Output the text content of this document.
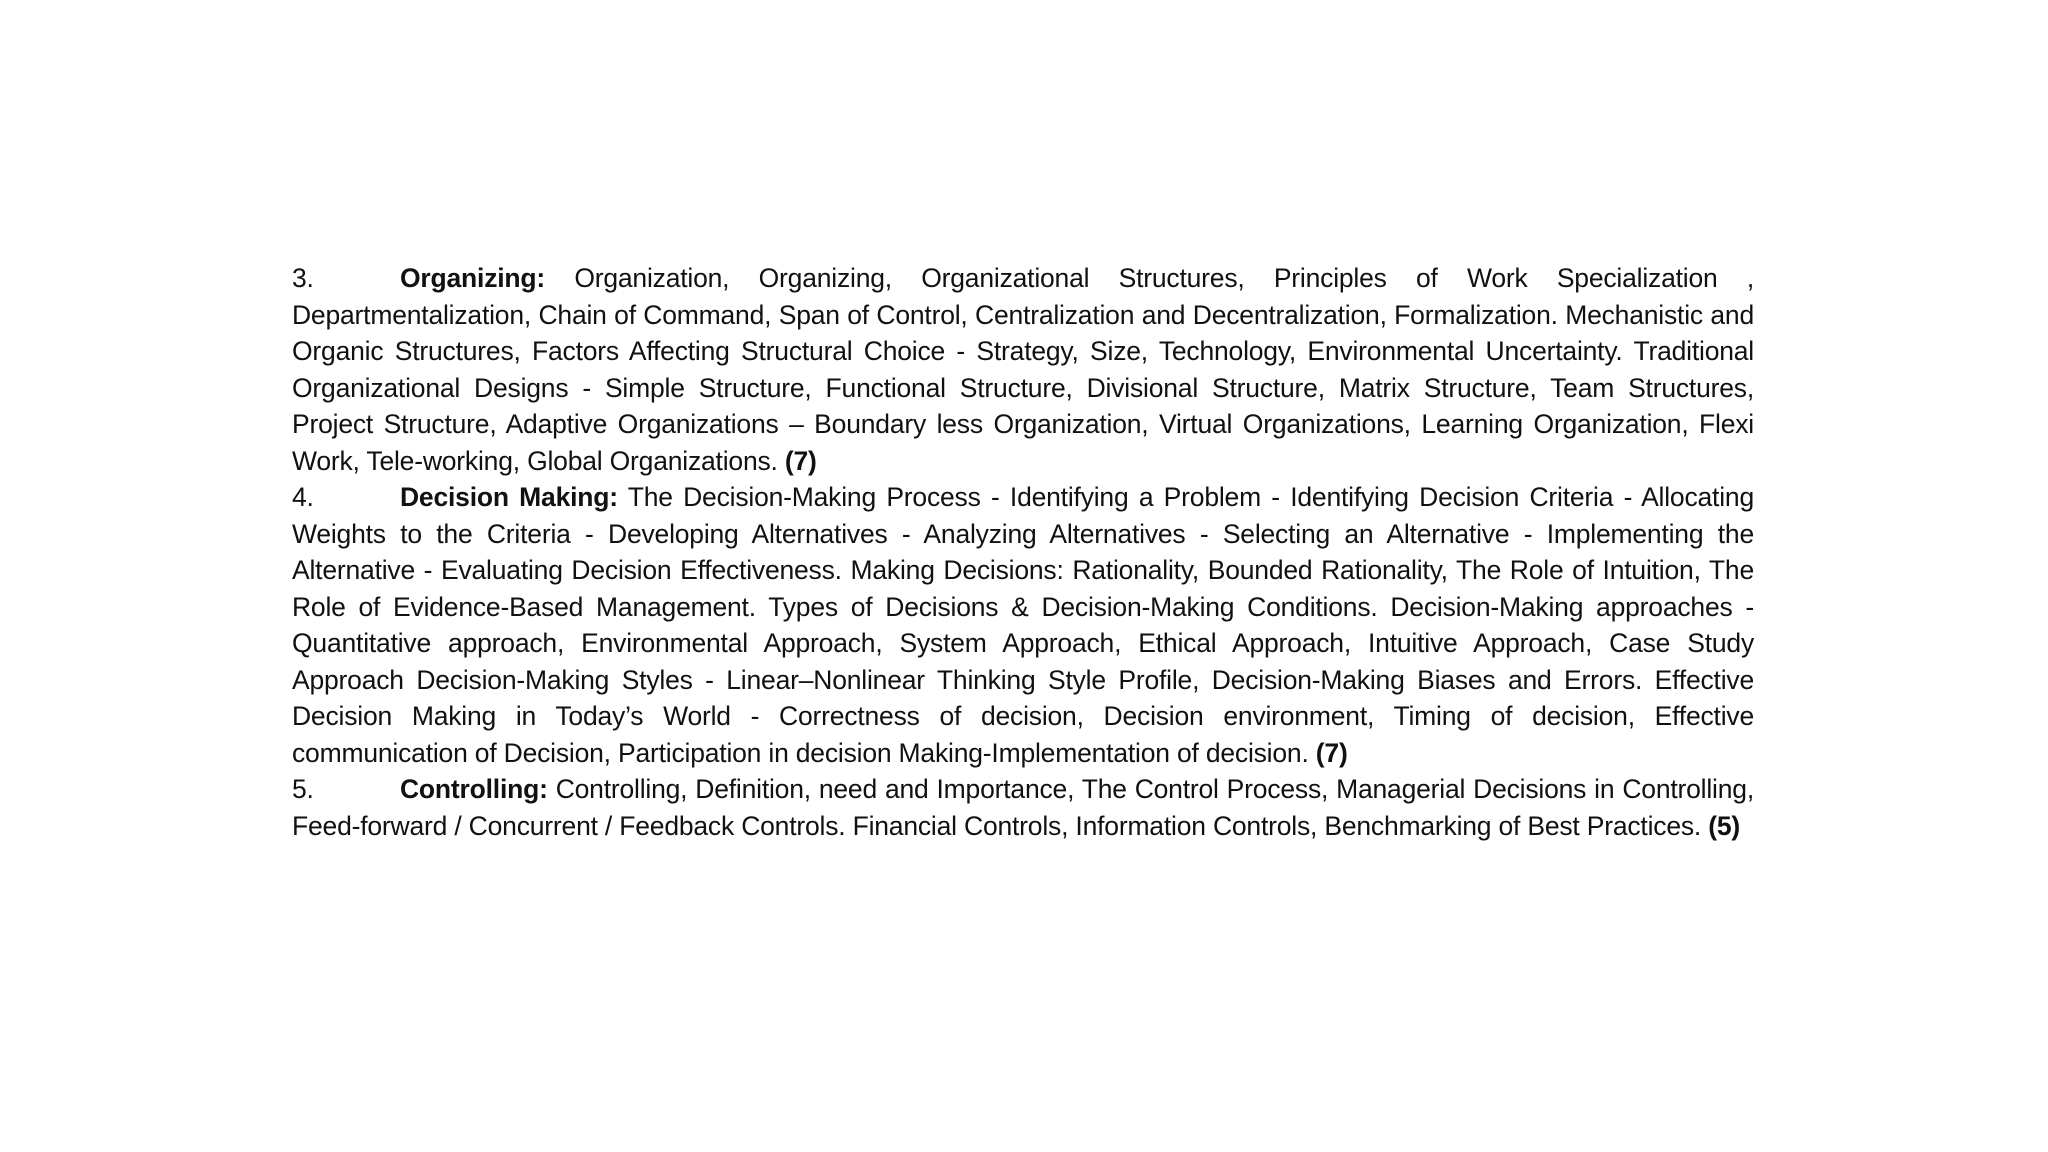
3.	Organizing: Organization, Organizing, Organizational Structures, Principles of Work Specialization , Departmentalization, Chain of Command, Span of Control, Centralization and Decentralization, Formalization. Mechanistic and Organic Structures, Factors Affecting Structural Choice - Strategy, Size, Technology, Environmental Uncertainty. Traditional Organizational Designs - Simple Structure, Functional Structure, Divisional Structure, Matrix Structure, Team Structures, Project Structure, Adaptive Organizations – Boundary less Organization, Virtual Organizations, Learning Organization, Flexi Work, Tele-working, Global Organizations. (7)

4.	Decision Making: The Decision-Making Process - Identifying a Problem - Identifying Decision Criteria - Allocating Weights to the Criteria - Developing Alternatives - Analyzing Alternatives - Selecting an Alternative - Implementing the Alternative - Evaluating Decision Effectiveness. Making Decisions: Rationality, Bounded Rationality, The Role of Intuition, The Role of Evidence-Based Management. Types of Decisions & Decision-Making Conditions. Decision-Making approaches - Quantitative approach, Environmental Approach, System Approach, Ethical Approach, Intuitive Approach, Case Study Approach Decision-Making Styles - Linear–Nonlinear Thinking Style Profile, Decision-Making Biases and Errors. Effective Decision Making in Today’s World - Correctness of decision, Decision environment, Timing of decision, Effective communication of Decision, Participation in decision Making-Implementation of decision. (7)

5.	Controlling: Controlling, Definition, need and Importance, The Control Process, Managerial Decisions in Controlling, Feed-forward / Concurrent / Feedback Controls. Financial Controls, Information Controls, Benchmarking of Best Practices. (5)
